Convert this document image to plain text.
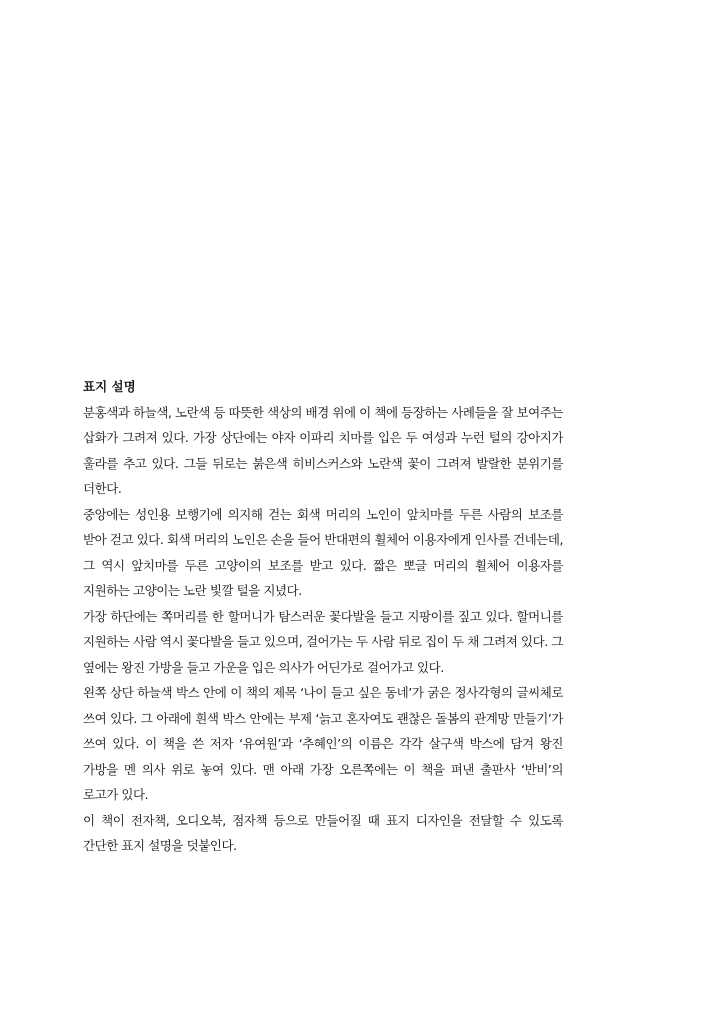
표지 설명

분홍색과 하늘색, 노란색 등 따뜻한 색상의 배경 위에 이 책에 등장하는 사례들을 잘 보여주는 삽화가 그려져 있다. 가장 상단에는 야자 이파리 치마를 입은 두 여성과 누런 털의 강아지가 훌라를 추고 있다. 그들 뒤로는 붉은색 히비스커스와 노란색 꽃이 그려져 발랄한 분위기를 더한다.

중앙에는 성인용 보행기에 의지해 걷는 회색 머리의 노인이 앞치마를 두른 사람의 보조를 받아 걷고 있다. 회색 머리의 노인은 손을 들어 반대편의 휠체어 이용자에게 인사를 건네는데, 그 역시 앞치마를 두른 고양이의 보조를 받고 있다. 짧은 뽀글 머리의 휠체어 이용자를 지원하는 고양이는 노란 빛깔 털을 지녔다.

가장 하단에는 쪽머리를 한 할머니가 탐스러운 꽃다발을 들고 지팡이를 짚고 있다. 할머니를 지원하는 사람 역시 꽃다발을 들고 있으며, 걸어가는 두 사람 뒤로 집이 두 채 그려져 있다. 그 옆에는 왕진 가방을 들고 가운을 입은 의사가 어딘가로 걸어가고 있다.

왼쪽 상단 하늘색 박스 안에 이 책의 제목 ‘나이 들고 싶은 동네’가 굵은 정사각형의 글씨체로 쓰여 있다. 그 아래에 흰색 박스 안에는 부제 ‘늙고 혼자여도 괜찮은 돌봄의 관계망 만들기’가 쓰여 있다. 이 책을 쓴 저자 ‘유여원’과 ‘추혜인’의 이름은 각각 살구색 박스에 담겨 왕진 가방을 멘 의사 위로 놓여 있다. 맨 아래 가장 오른쪽에는 이 책을 펴낸 출판사 ‘반비’의 로고가 있다.

이 책이 전자책, 오디오북, 점자책 등으로 만들어질 때 표지 디자인을 전달할 수 있도록 간단한 표지 설명을 덧붙인다.
